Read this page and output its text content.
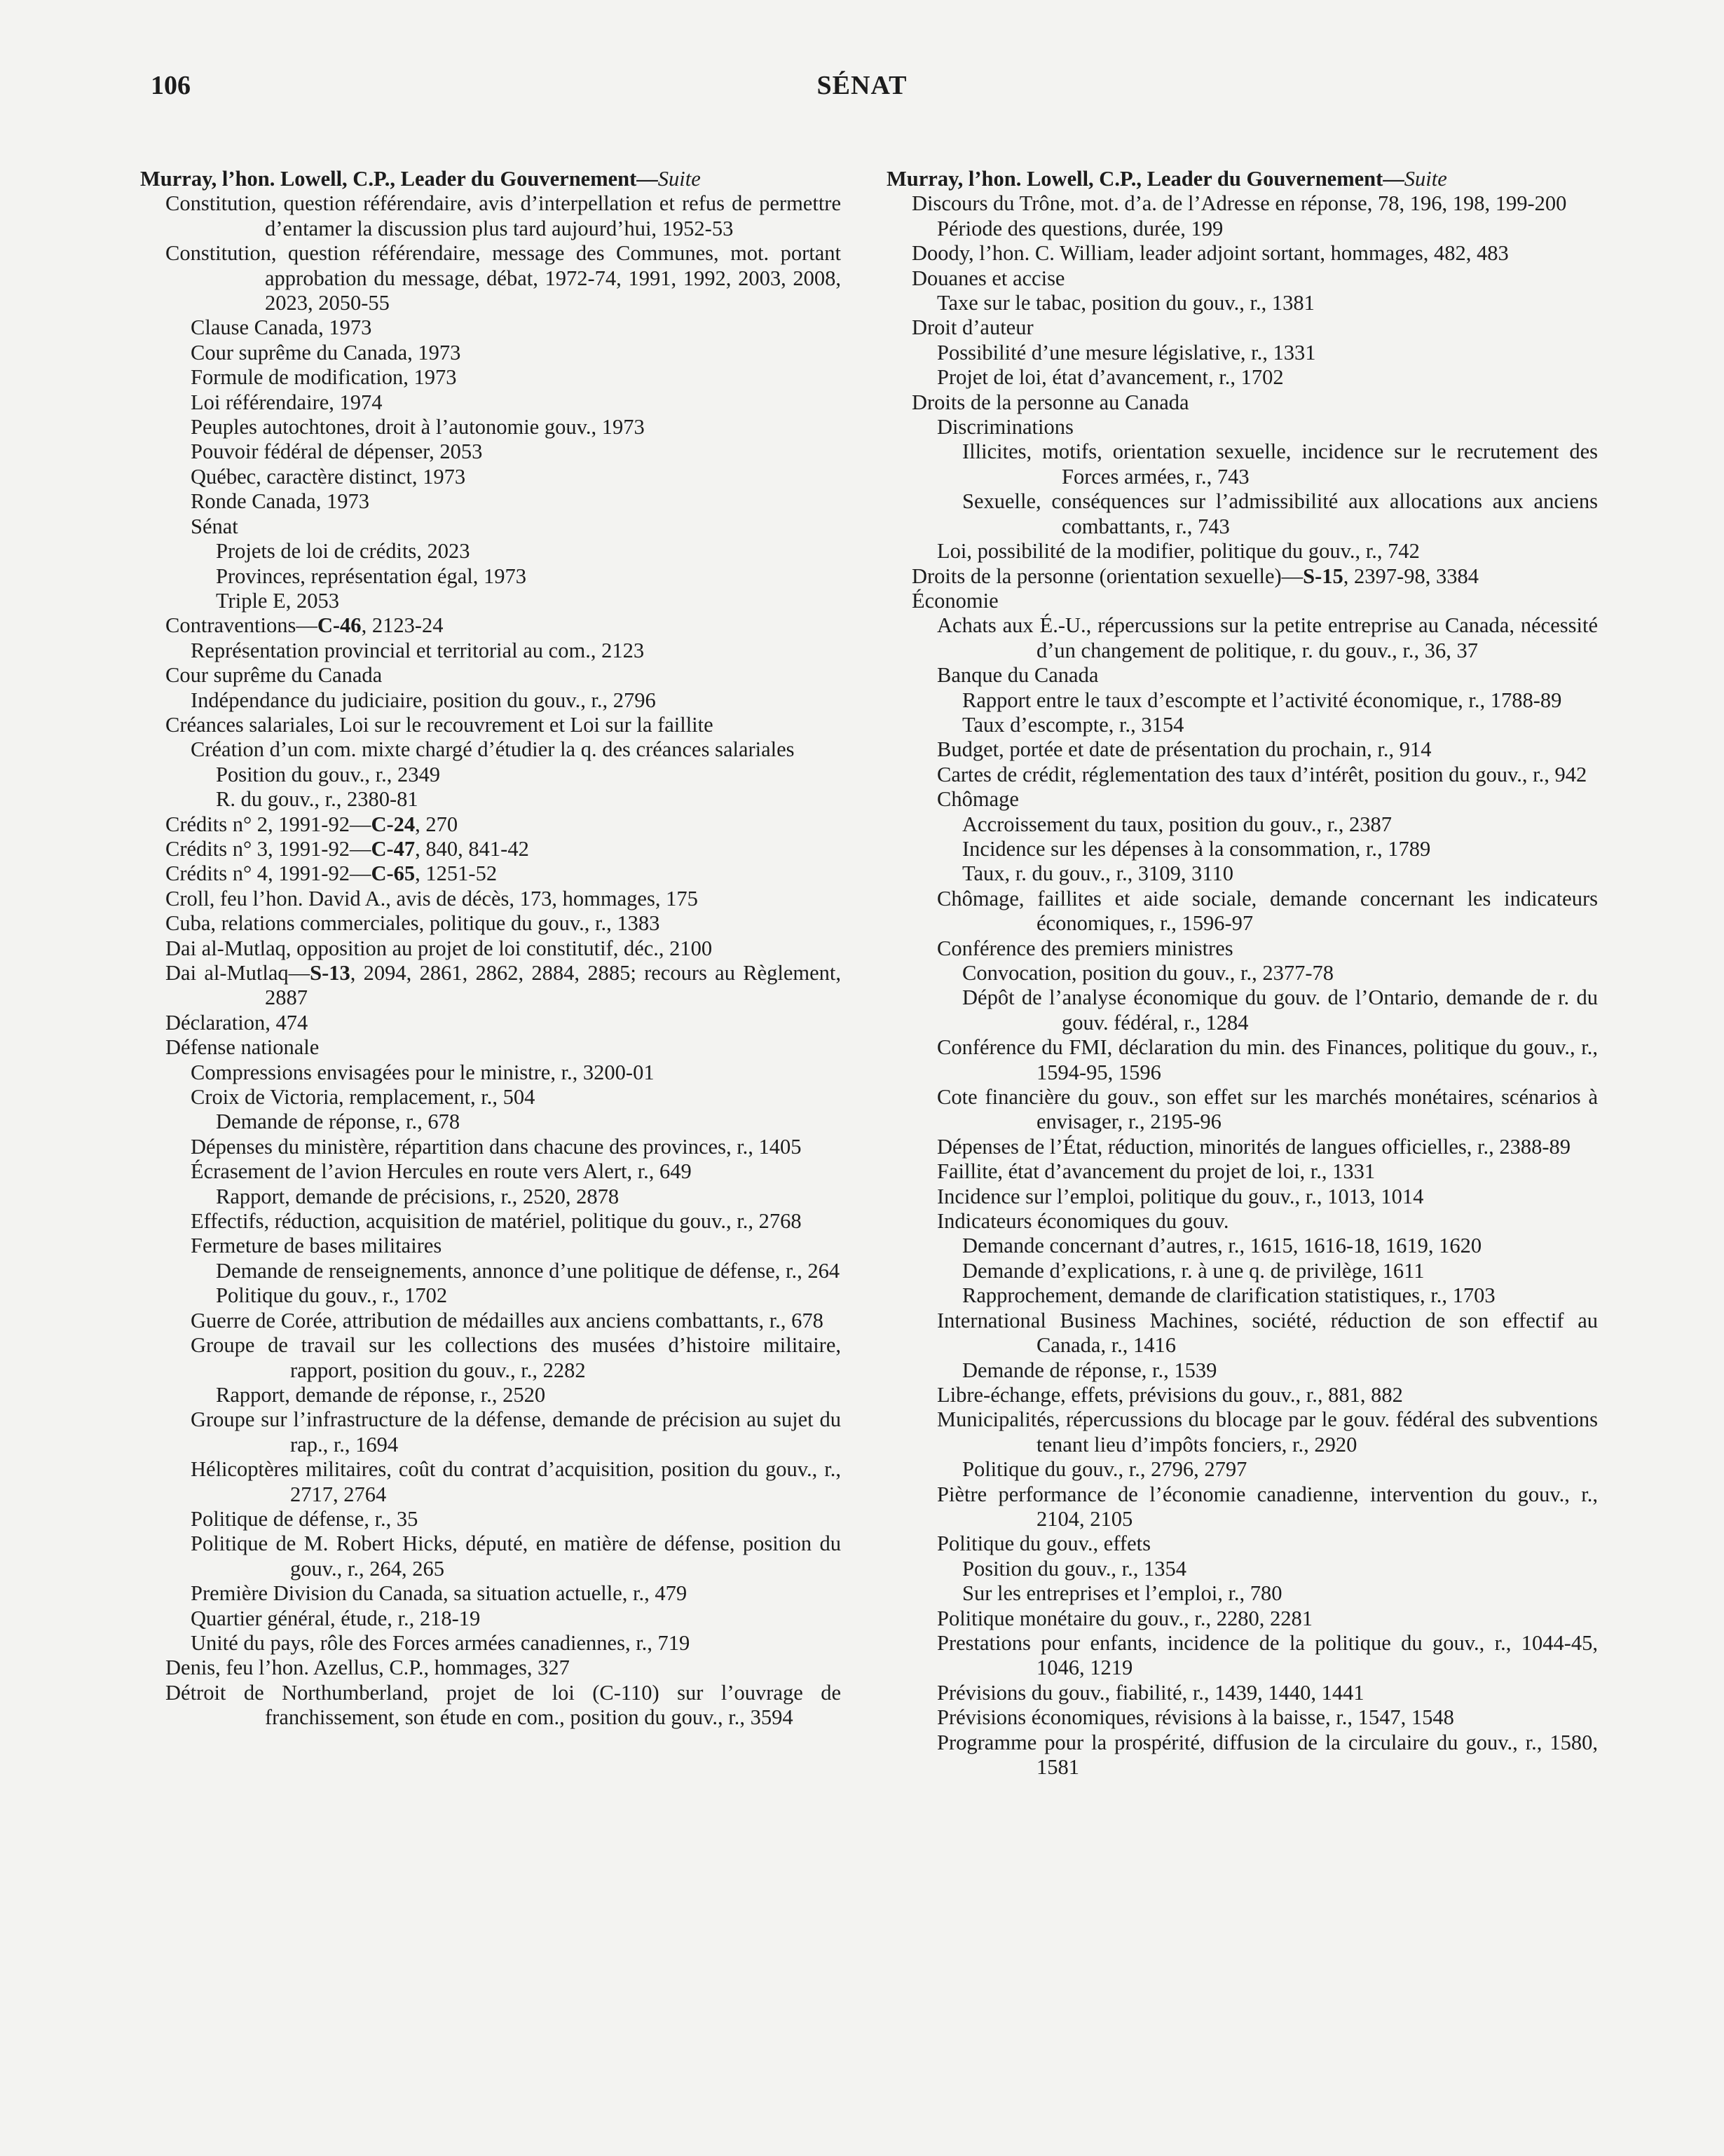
106	SÉNAT

Murray, l’hon. Lowell, C.P., Leader du Gouvernement—Suite

Constitution, question référendaire, avis d’interpellation et refus de permettre d’entamer la discussion plus tard aujourd’hui, 1952-53

Constitution, question référendaire, message des Communes, mot. portant approbation du message, débat, 1972-74, 1991, 1992, 2003, 2008, 2023, 2050-55

Clause Canada, 1973

Cour suprême du Canada, 1973

Formule de modification, 1973

Loi référendaire, 1974

Peuples autochtones, droit à l’autonomie gouv., 1973

Pouvoir fédéral de dépenser, 2053

Québec, caractère distinct, 1973

Ronde Canada, 1973

Sénat

Projets de loi de crédits, 2023

Provinces, représentation égal, 1973

Triple E, 2053

Contraventions—C-46, 2123-24

Représentation provincial et territorial au com., 2123

Cour suprême du Canada

Indépendance du judiciaire, position du gouv., r., 2796

Créances salariales, Loi sur le recouvrement et Loi sur la faillite

Création d’un com. mixte chargé d’étudier la q. des créances salariales

Position du gouv., r., 2349

R. du gouv., r., 2380-81

Crédits n° 2, 1991-92—C-24, 270

Crédits n° 3, 1991-92—C-47, 840, 841-42

Crédits n° 4, 1991-92—C-65, 1251-52

Croll, feu l’hon. David A., avis de décès, 173, hommages, 175

Cuba, relations commerciales, politique du gouv., r., 1383

Dai al-Mutlaq, opposition au projet de loi constitutif, déc., 2100

Dai al-Mutlaq—S-13, 2094, 2861, 2862, 2884, 2885; recours au Règlement, 2887

Déclaration, 474

Défense nationale

Compressions envisagées pour le ministre, r., 3200-01

Croix de Victoria, remplacement, r., 504

Demande de réponse, r., 678

Dépenses du ministère, répartition dans chacune des provinces, r., 1405

Écrasement de l’avion Hercules en route vers Alert, r., 649

Rapport, demande de précisions, r., 2520, 2878

Effectifs, réduction, acquisition de matériel, politique du gouv., r., 2768

Fermeture de bases militaires

Demande de renseignements, annonce d’une politique de défense, r., 264

Politique du gouv., r., 1702

Guerre de Corée, attribution de médailles aux anciens combattants, r., 678

Groupe de travail sur les collections des musées d’histoire militaire, rapport, position du gouv., r., 2282

Rapport, demande de réponse, r., 2520

Groupe sur l’infrastructure de la défense, demande de précision au sujet du rap., r., 1694

Hélicoptères militaires, coût du contrat d’acquisition, position du gouv., r., 2717, 2764

Politique de défense, r., 35

Politique de M. Robert Hicks, député, en matière de défense, position du gouv., r., 264, 265

Première Division du Canada, sa situation actuelle, r., 479

Quartier général, étude, r., 218-19

Unité du pays, rôle des Forces armées canadiennes, r., 719

Denis, feu l’hon. Azellus, C.P., hommages, 327

Détroit de Northumberland, projet de loi (C-110) sur l’ouvrage de franchissement, son étude en com., position du gouv., r., 3594

Murray, l’hon. Lowell, C.P., Leader du Gouvernement—Suite

Discours du Trône, mot. d’a. de l’Adresse en réponse, 78, 196, 198, 199-200

Période des questions, durée, 199

Doody, l’hon. C. William, leader adjoint sortant, hommages, 482, 483

Douanes et accise

Taxe sur le tabac, position du gouv., r., 1381

Droit d’auteur

Possibilité d’une mesure législative, r., 1331

Projet de loi, état d’avancement, r., 1702

Droits de la personne au Canada

Discriminations

Illicites, motifs, orientation sexuelle, incidence sur le recrutement des Forces armées, r., 743

Sexuelle, conséquences sur l’admissibilité aux allocations aux anciens combattants, r., 743

Loi, possibilité de la modifier, politique du gouv., r., 742

Droits de la personne (orientation sexuelle)—S-15, 2397-98, 3384

Économie

Achats aux É.-U., répercussions sur la petite entreprise au Canada, nécessité d’un changement de politique, r. du gouv., r., 36, 37

Banque du Canada

Rapport entre le taux d’escompte et l’activité économique, r., 1788-89

Taux d’escompte, r., 3154

Budget, portée et date de présentation du prochain, r., 914

Cartes de crédit, réglementation des taux d’intérêt, position du gouv., r., 942

Chômage

Accroissement du taux, position du gouv., r., 2387

Incidence sur les dépenses à la consommation, r., 1789

Taux, r. du gouv., r., 3109, 3110

Chômage, faillites et aide sociale, demande concernant les indicateurs économiques, r., 1596-97

Conférence des premiers ministres

Convocation, position du gouv., r., 2377-78

Dépôt de l’analyse économique du gouv. de l’Ontario, demande de r. du gouv. fédéral, r., 1284

Conférence du FMI, déclaration du min. des Finances, politique du gouv., r., 1594-95, 1596

Cote financière du gouv., son effet sur les marchés monétaires, scénarios à envisager, r., 2195-96

Dépenses de l’État, réduction, minorités de langues officielles, r., 2388-89

Faillite, état d’avancement du projet de loi, r., 1331

Incidence sur l’emploi, politique du gouv., r., 1013, 1014

Indicateurs économiques du gouv.

Demande concernant d’autres, r., 1615, 1616-18, 1619, 1620

Demande d’explications, r. à une q. de privilège, 1611

Rapprochement, demande de clarification statistiques, r., 1703

International Business Machines, société, réduction de son effectif au Canada, r., 1416

Demande de réponse, r., 1539

Libre-échange, effets, prévisions du gouv., r., 881, 882

Municipalités, répercussions du blocage par le gouv. fédéral des subventions tenant lieu d’impôts fonciers, r., 2920

Politique du gouv., r., 2796, 2797

Piètre performance de l’économie canadienne, intervention du gouv., r., 2104, 2105

Politique du gouv., effets

Position du gouv., r., 1354

Sur les entreprises et l’emploi, r., 780

Politique monétaire du gouv., r., 2280, 2281

Prestations pour enfants, incidence de la politique du gouv., r., 1044-45, 1046, 1219

Prévisions du gouv., fiabilité, r., 1439, 1440, 1441

Prévisions économiques, révisions à la baisse, r., 1547, 1548

Programme pour la prospérité, diffusion de la circulaire du gouv., r., 1580, 1581
